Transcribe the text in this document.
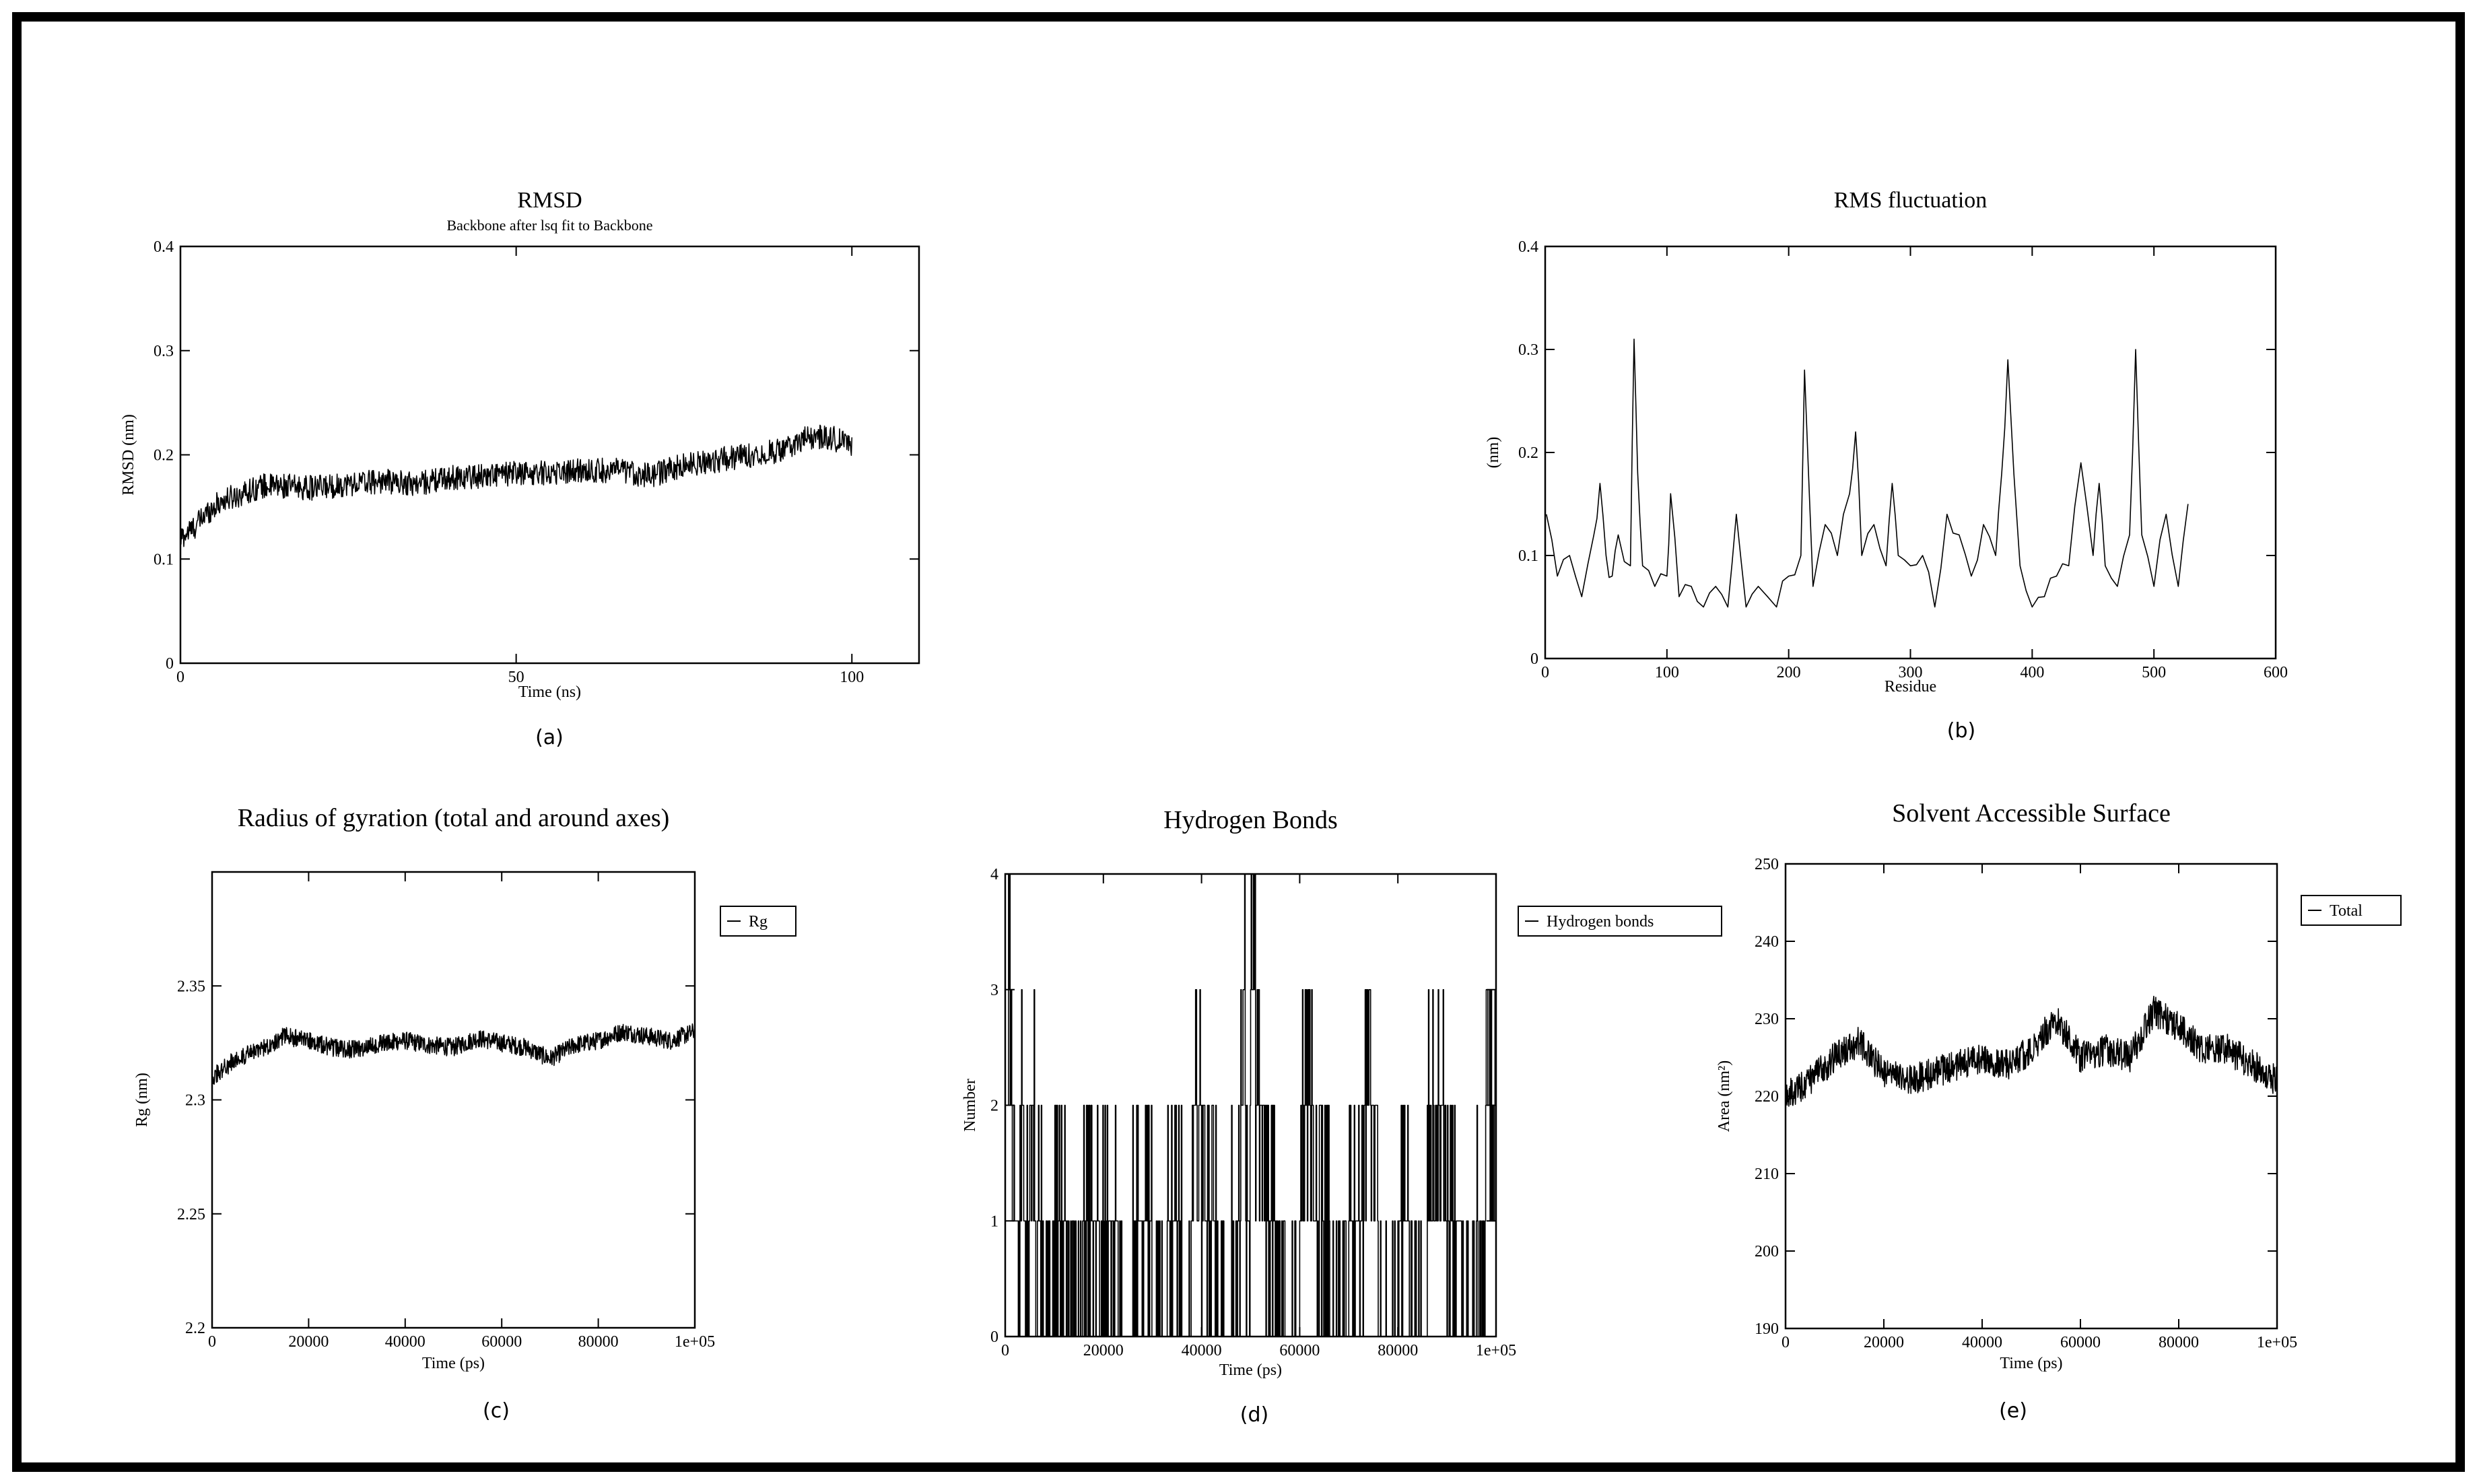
0	50	100
0
0.1
0.2
0.3
0.4
RMSD
Backbone after lsq fit to Backbone
Time (ns)
RMSD (nm)
(a)
0	100	200	300	400	500	600
0
0.1
0.2
0.3
0.4
RMS fluctuation
Residue
(nm)
(b)
0	20000	40000	60000	80000	1e+05
2.2
2.25
2.3
2.35
Radius of gyration (total and around axes)
Time (ps)
Rg (nm)
(c)
Rg
0	20000	40000	60000	80000	1e+05
0
1
2
3
4
Hydrogen Bonds
Time (ps)
Number
(d)
Hydrogen bonds
0	20000	40000	60000	80000	1e+05
190
200
210
220
230
240
250
Solvent Accessible Surface
Time (ps)
Area (nm²)
(e)
Total
